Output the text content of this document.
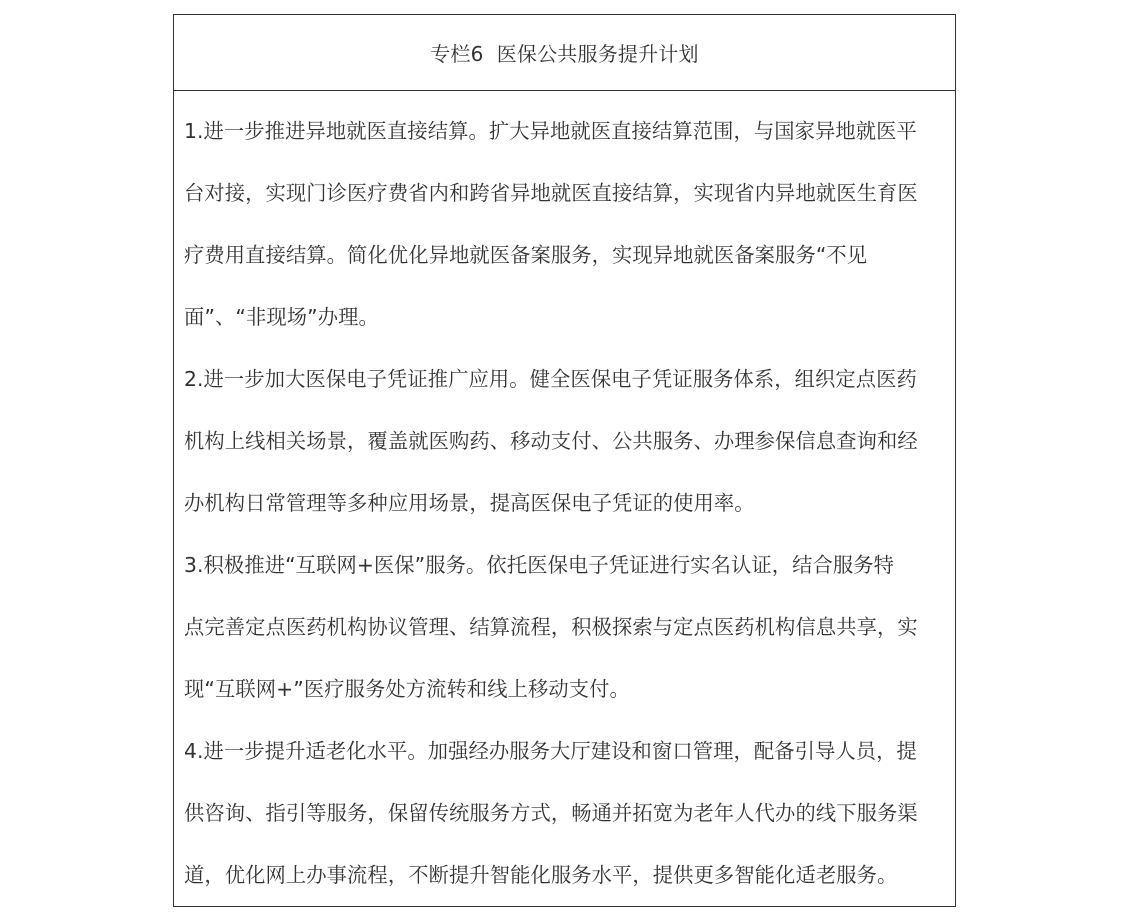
专栏6  医保公共服务提升计划

1.进一步推进异地就医直接结算。扩大异地就医直接结算范围，与国家异地就医平
台对接，实现门诊医疗费省内和跨省异地就医直接结算，实现省内异地就医生育医
疗费用直接结算。简化优化异地就医备案服务，实现异地就医备案服务“不见
面”、“非现场”办理。

2.进一步加大医保电子凭证推广应用。健全医保电子凭证服务体系，组织定点医药
机构上线相关场景，覆盖就医购药、移动支付、公共服务、办理参保信息查询和经
办机构日常管理等多种应用场景，提高医保电子凭证的使用率。

3.积极推进“互联网+医保”服务。依托医保电子凭证进行实名认证，结合服务特
点完善定点医药机构协议管理、结算流程，积极探索与定点医药机构信息共享，实
现“互联网+”医疗服务处方流转和线上移动支付。

4.进一步提升适老化水平。加强经办服务大厅建设和窗口管理，配备引导人员，提
供咨询、指引等服务，保留传统服务方式，畅通并拓宽为老年人代办的线下服务渠
道，优化网上办事流程，不断提升智能化服务水平，提供更多智能化适老服务。
